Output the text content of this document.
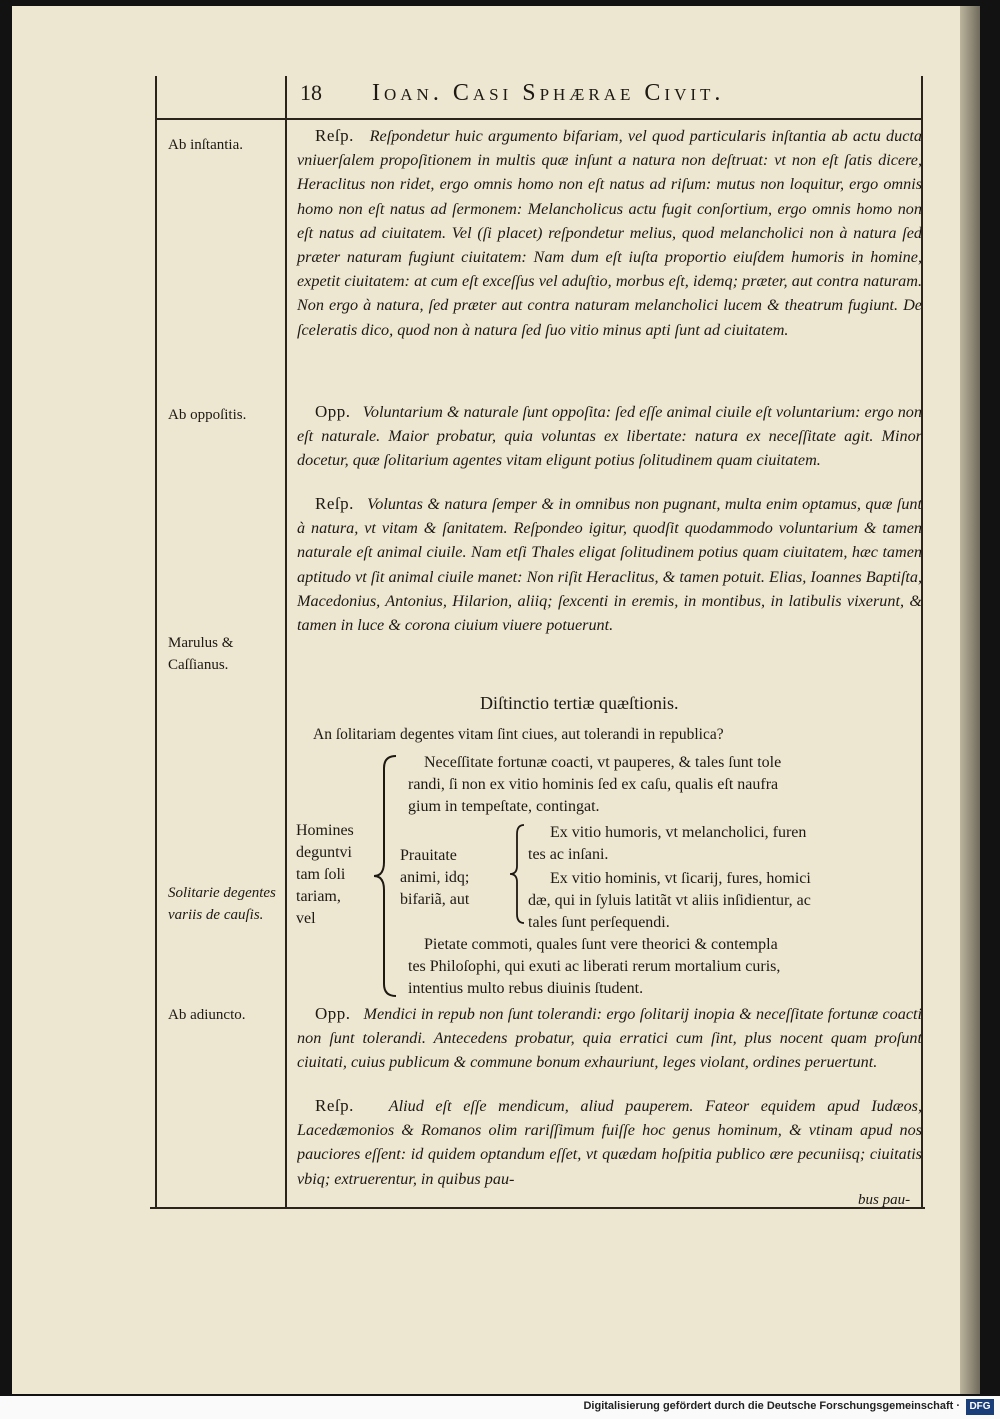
18 Ioan. Casi Sphærae Civit.
Ab inſtantia.
Ab oppoſitis.
Marulus & Caſſianus.
Solitarie degentes variis de cauſis.
Ab adiuncto.
Reſp. Reſpondetur huic argumento bifariam, vel quod particularis inſtantia ab actu ducta vniuerſalem propoſitionem in multis quæ inſunt a natura non deſtruat: vt non eſt ſatis dicere, Heraclitus non ridet, ergo omnis homo non eſt natus ad riſum: mutus non loquitur, ergo omnis homo non eſt natus ad ſermonem: Melancholicus actu fugit conſortium, ergo omnis homo non eſt natus ad ciuitatem. Vel (ſi placet) reſpondetur melius, quod melancholici non à natura ſed præter naturam fugiunt ciuitatem: Nam dum eſt iuſta proportio eiuſdem humoris in homine, expetit ciuitatem: at cum eſt exceſſus vel aduſtio, morbus eſt, idemq; præter, aut contra naturam. Non ergo à natura, ſed præter aut contra naturam melancholici lucem & theatrum fugiunt. De ſceleratis dico, quod non à natura ſed ſuo vitio minus apti ſunt ad ciuitatem.
Opp. Voluntarium & naturale ſunt oppoſita: ſed eſſe animal ciuile eſt voluntarium: ergo non eſt naturale. Maior probatur, quia voluntas ex libertate: natura ex neceſſitate agit. Minor docetur, quæ ſolitarium agentes vitam eligunt potius ſolitudinem quam ciuitatem.
Reſp. Voluntas & natura ſemper & in omnibus non pugnant, multa enim optamus, quæ ſunt à natura, vt vitam & ſanitatem. Reſpondeo igitur, quodſit quodammodo voluntarium & tamen naturale eſt animal ciuile. Nam etſi Thales eligat ſolitudinem potius quam ciuitatem, hæc tamen aptitudo vt ſit animal ciuile manet: Non riſit Heraclitus, & tamen potuit. Elias, Ioannes Baptiſta, Macedonius, Antonius, Hilarion, aliiq; ſexcenti in eremis, in montibus, in latibulis vixerunt, & tamen in luce & corona ciuium viuere potuerunt.
Diſtinctio tertiæ quæſtionis.
An ſolitariam degentes vitam ſint ciues, aut tolerandi in republica?
Homines
deguntvi
tam ſoli
tariam,
vel
Neceſſitate fortunæ coacti, vt pauperes, & tales ſunt tole
randi, ſi non ex vitio hominis ſed ex caſu, qualis eſt naufra
gium in tempeſtate, contingat.
Prauitate
animi, idq;
bifariã, aut
Ex vitio humoris, vt melancholici, furen
tes ac inſani.
Ex vitio hominis, vt ſicarij, fures, homici
dæ, qui in ſyluis latitãt vt aliis inſidientur, ac
tales ſunt perſequendi.
Pietate commoti, quales ſunt vere theorici & contempla
tes Philoſophi, qui exuti ac liberati rerum mortalium curis,
intentius multo rebus diuinis ſtudent.
Opp. Mendici in repub non ſunt tolerandi: ergo ſolitarij inopia & neceſſitate fortunæ coacti non ſunt tolerandi. Antecedens probatur, quia erratici cum ſint, plus nocent quam proſunt ciuitati, cuius publicum & commune bonum exhauriunt, leges violant, ordines peruertunt.
Reſp. Aliud eſt eſſe mendicum, aliud pauperem. Fateor equidem apud Iudæos, Lacedæmonios & Romanos olim rariſſimum fuiſſe hoc genus hominum, & vtinam apud nos pauciores eſſent: id quidem optandum eſſet, vt quædam hoſpitia publico ære pecuniisq; ciuitatis vbiq; extruerentur, in quibus pau-
bus pau-
Digitalisierung gefördert durch die Deutsche Forschungsgemeinschaft · DFG
